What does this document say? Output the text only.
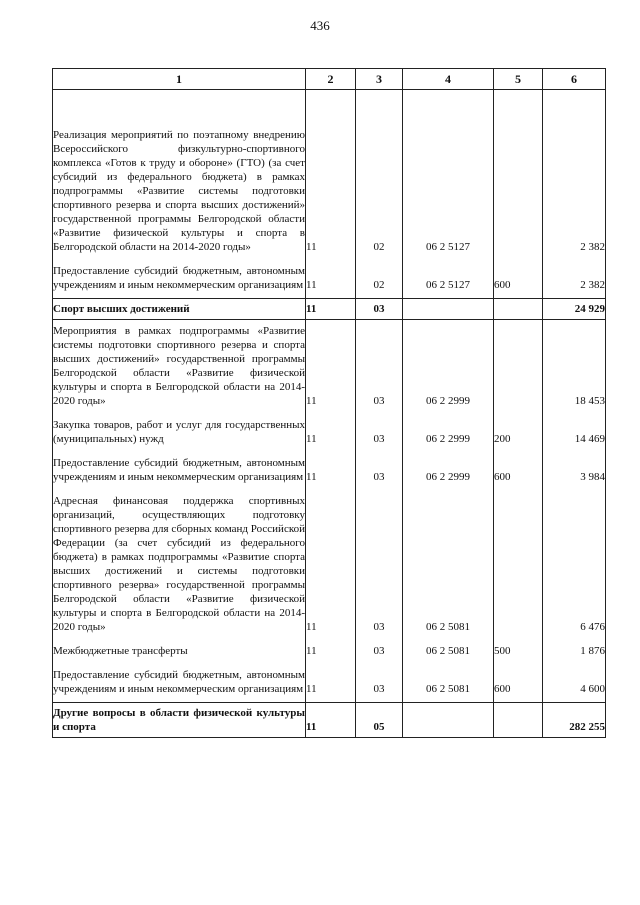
436
1	2	3	4	5	6
Реализация мероприятий по поэтапному внедрению Всероссийского физкультурно-спортивного комплекса «Готов к труду и обороне» (ГТО) (за счет субсидий из федерального бюджета) в рамках подпрограммы «Развитие системы подготовки спортивного резерва и спорта высших достижений» государственной программы Белгородской области «Развитие физической культуры и спорта в Белгородской области на 2014-2020 годы»	11	02	06 2 5127		2 382
Предоставление субсидий бюджетным, автономным учреждениям и иным некоммерческим организациям	11	02	06 2 5127	600	2 382
Спорт высших достижений	11	03			24 929
Мероприятия в рамках подпрограммы «Развитие системы подготовки спортивного резерва и спорта высших достижений» государственной программы Белгородской области «Развитие физической культуры и спорта в Белгородской области на 2014-2020 годы»	11	03	06 2 2999		18 453
Закупка товаров, работ и услуг для государственных (муниципальных) нужд	11	03	06 2 2999	200	14 469
Предоставление субсидий бюджетным, автономным учреждениям и иным некоммерческим организациям	11	03	06 2 2999	600	3 984
Адресная финансовая поддержка спортивных организаций, осуществляющих подготовку спортивного резерва для сборных команд Российской Федерации (за счет субсидий из федерального бюджета) в рамках подпрограммы «Развитие спорта высших достижений и системы подготовки спортивного резерва» государственной программы Белгородской области «Развитие физической культуры и спорта в Белгородской области на 2014-2020 годы»	11	03	06 2 5081		6 476
Межбюджетные трансферты	11	03	06 2 5081	500	1 876
Предоставление субсидий бюджетным, автономным учреждениям и иным некоммерческим организациям	11	03	06 2 5081	600	4 600
Другие вопросы в области физической культуры и спорта	11	05			282 255
